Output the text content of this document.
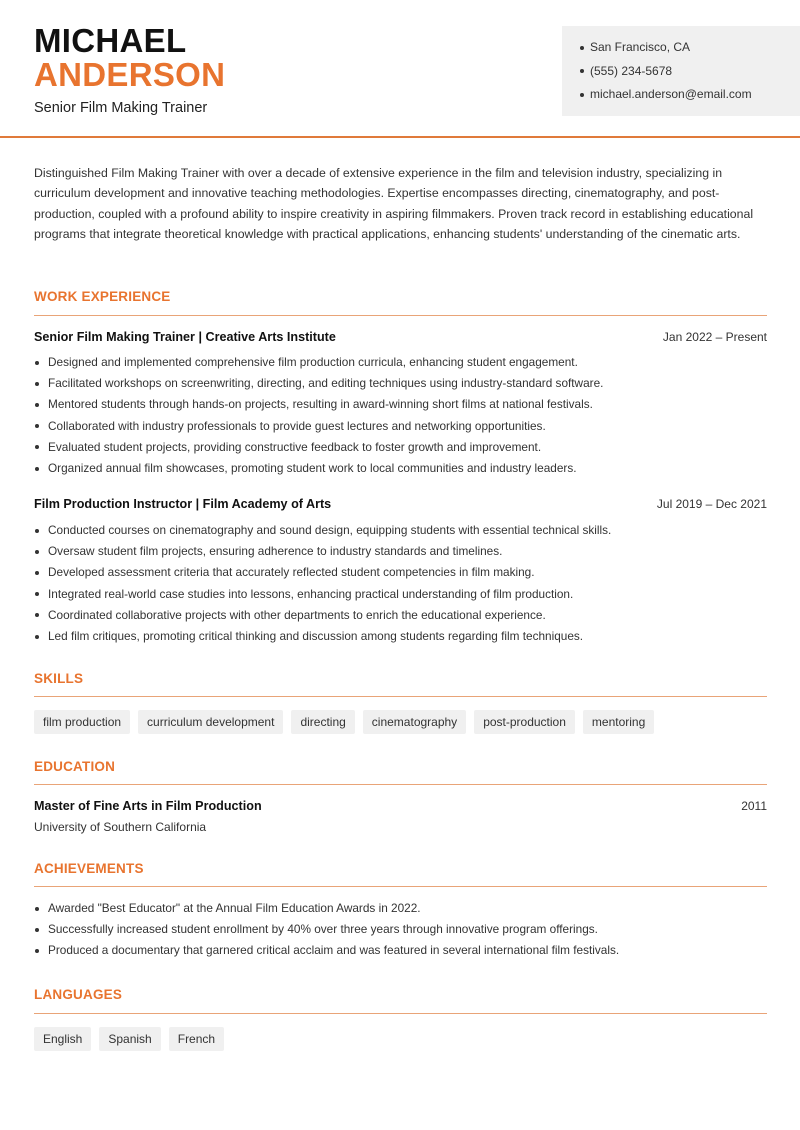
MICHAEL
ANDERSON
Senior Film Making Trainer
San Francisco, CA
(555) 234-5678
michael.anderson@email.com
Distinguished Film Making Trainer with over a decade of extensive experience in the film and television industry, specializing in curriculum development and innovative teaching methodologies. Expertise encompasses directing, cinematography, and post-production, coupled with a profound ability to inspire creativity in aspiring filmmakers. Proven track record in establishing educational programs that integrate theoretical knowledge with practical applications, enhancing students' understanding of the cinematic arts.
WORK EXPERIENCE
Senior Film Making Trainer | Creative Arts Institute	Jan 2022 – Present
Designed and implemented comprehensive film production curricula, enhancing student engagement.
Facilitated workshops on screenwriting, directing, and editing techniques using industry-standard software.
Mentored students through hands-on projects, resulting in award-winning short films at national festivals.
Collaborated with industry professionals to provide guest lectures and networking opportunities.
Evaluated student projects, providing constructive feedback to foster growth and improvement.
Organized annual film showcases, promoting student work to local communities and industry leaders.
Film Production Instructor | Film Academy of Arts	Jul 2019 – Dec 2021
Conducted courses on cinematography and sound design, equipping students with essential technical skills.
Oversaw student film projects, ensuring adherence to industry standards and timelines.
Developed assessment criteria that accurately reflected student competencies in film making.
Integrated real-world case studies into lessons, enhancing practical understanding of film production.
Coordinated collaborative projects with other departments to enrich the educational experience.
Led film critiques, promoting critical thinking and discussion among students regarding film techniques.
SKILLS
film production	curriculum development	directing	cinematography	post-production	mentoring
EDUCATION
Master of Fine Arts in Film Production	2011
University of Southern California
ACHIEVEMENTS
Awarded "Best Educator" at the Annual Film Education Awards in 2022.
Successfully increased student enrollment by 40% over three years through innovative program offerings.
Produced a documentary that garnered critical acclaim and was featured in several international film festivals.
LANGUAGES
English	Spanish	French
